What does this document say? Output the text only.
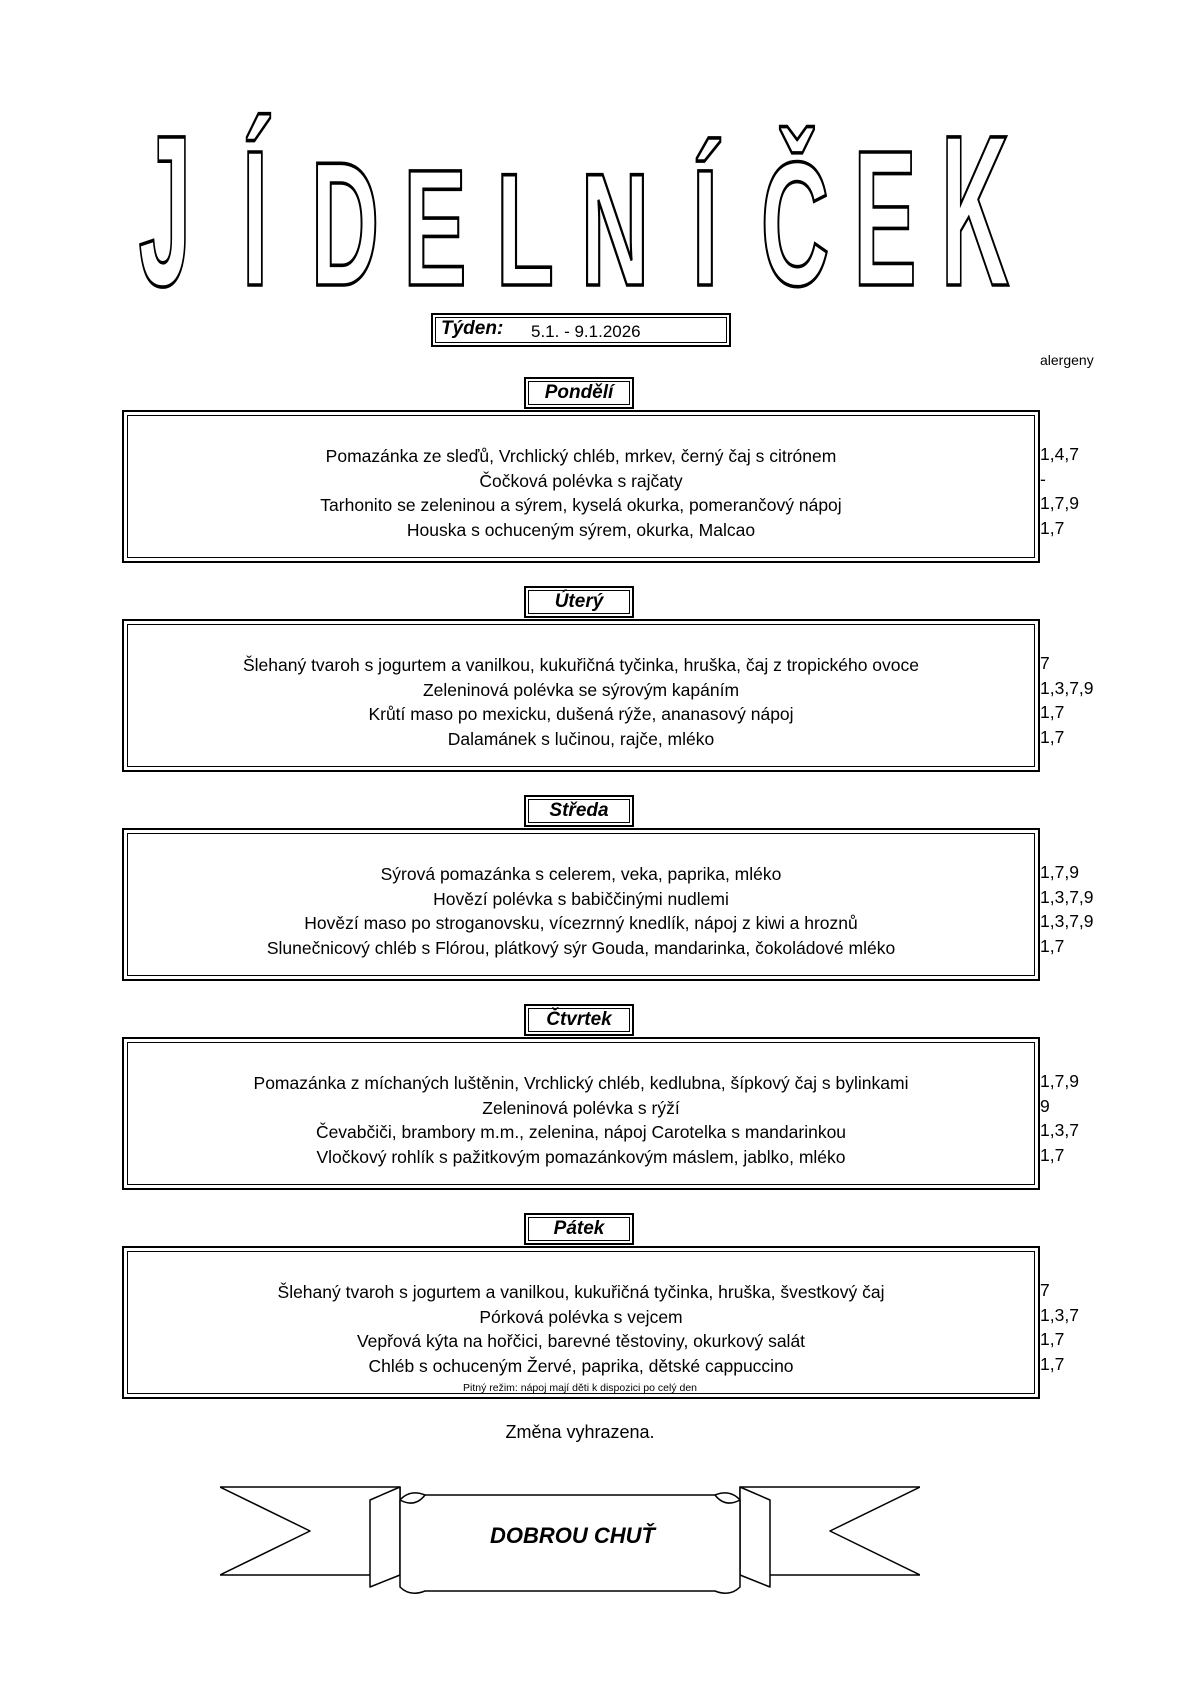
J Í D E L N Í Č E K
Týden: 5.1. - 9.1.2026
alergeny
Pondělí
Pomazánka ze sleďů, Vrchlický chléb, mrkev, černý čaj s citrónem
Čočková polévka s rajčaty
Tarhonito se zeleninou a sýrem, kyselá okurka, pomerančový nápoj
Houska s ochuceným sýrem, okurka, Malcao
1,4,7
-
1,7,9
1,7
Úterý
Šlehaný tvaroh s jogurtem a vanilkou, kukuřičná tyčinka, hruška, čaj z tropického ovoce
Zeleninová polévka se sýrovým kapáním
Krůtí maso po mexicku, dušená rýže, ananasový nápoj
Dalamánek s lučinou, rajče, mléko
7
1,3,7,9
1,7
1,7
Středa
Sýrová pomazánka s celerem, veka, paprika, mléko
Hovězí polévka s babiččinými nudlemi
Hovězí maso po stroganovsku, vícezrnný knedlík, nápoj z kiwi a hroznů
Slunečnicový chléb s Flórou, plátkový sýr Gouda, mandarinka, čokoládové mléko
1,7,9
1,3,7,9
1,3,7,9
1,7
Čtvrtek
Pomazánka z míchaných luštěnin, Vrchlický chléb, kedlubna, šípkový čaj s bylinkami
Zeleninová polévka s rýží
Čevabčiči, brambory m.m., zelenina, nápoj Carotelka s mandarinkou
Vločkový rohlík s pažitkovým pomazánkovým máslem, jablko, mléko
1,7,9
9
1,3,7
1,7
Pátek
Šlehaný tvaroh s jogurtem a vanilkou, kukuřičná tyčinka, hruška, švestkový čaj
Pórková polévka s vejcem
Vepřová kýta na hořčici, barevné těstoviny, okurkový salát
Chléb s ochuceným Žervé, paprika, dětské cappuccino
7
1,3,7
1,7
1,7
Pitný režim: nápoj mají děti k dispozici po celý den
Změna vyhrazena.
DOBROU CHUŤ
